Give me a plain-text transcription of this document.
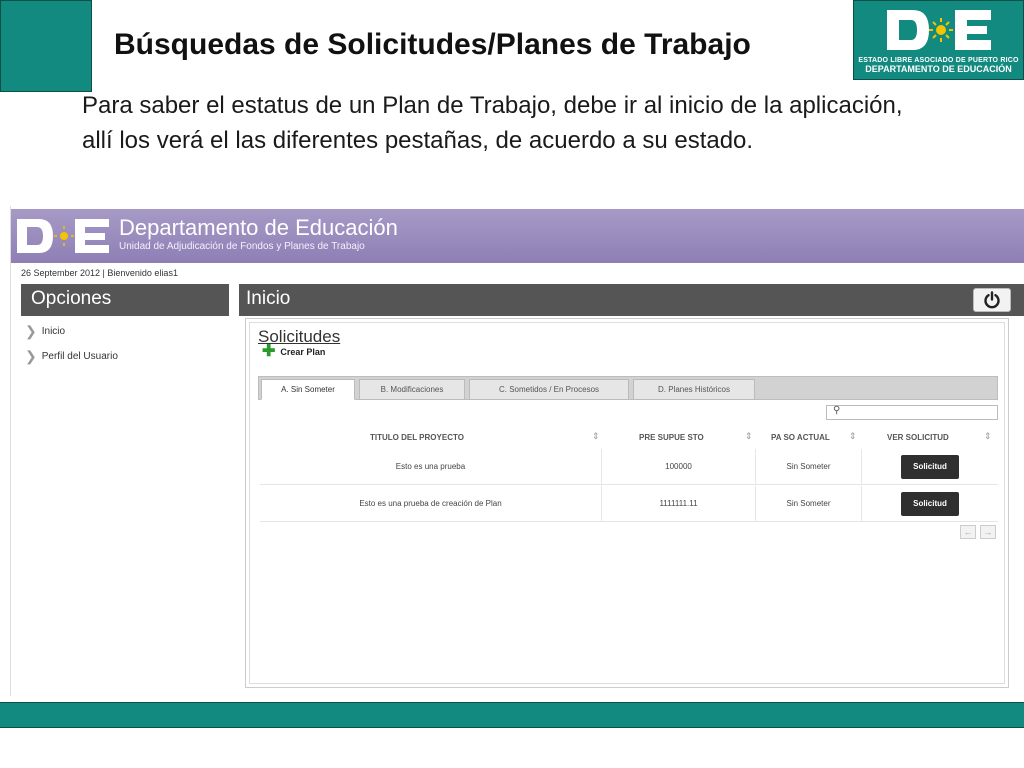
Búsquedas de Solicitudes/Planes de Trabajo	ESTADO LIBRE ASOCIADO DE PUERTO RICO
DEPARTAMENTO DE EDUCACIÓN

Para saber el estatus de un Plan de Trabajo, debe ir al inicio de la aplicación, allí los verá el las diferentes pestañas, de acuerdo a su estado.

Departamento de Educación
Unidad de Adjudicación de Fondos y Planes de Trabajo
26 September 2012 | Bienvenido elias1
Opciones
❯ Inicio
❯ Perfil del Usuario
Inicio
Solicitudes
✚ Crear Plan
A. Sin Someter	B. Modificaciones	C. Sometidos / En Procesos	D. Planes Históricos
⚲
TITULO DEL PROYECTO	⇕	PRE SUPUE STO	⇕ PA SO ACTUAL ⇕	VER SOLICITUD	⇕
Esto es una prueba	100000	Sin Someter	Solicitud
Esto es una prueba de creación de Plan	1111111.11	Sin Someter	Solicitud
← →
